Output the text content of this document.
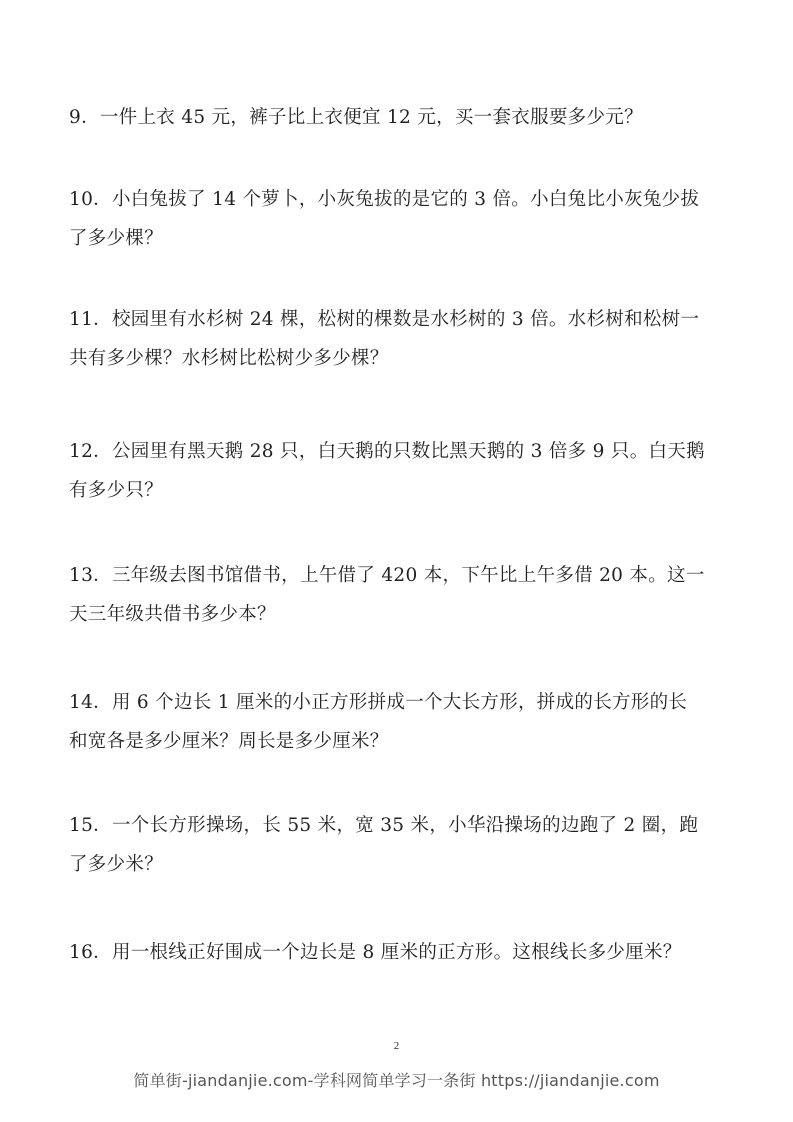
9．一件上衣 45 元，裤子比上衣便宜 12 元，买一套衣服要多少元？
10．小白兔拔了 14 个萝卜，小灰兔拔的是它的 3 倍。小白兔比小灰兔少拔
了多少棵？
11．校园里有水杉树 24 棵，松树的棵数是水杉树的 3 倍。水杉树和松树一
共有多少棵？水杉树比松树少多少棵？
12．公园里有黑天鹅 28 只，白天鹅的只数比黑天鹅的 3 倍多 9 只。白天鹅
有多少只？
13．三年级去图书馆借书，上午借了 420 本，下午比上午多借 20 本。这一
天三年级共借书多少本？
14．用 6 个边长 1 厘米的小正方形拼成一个大长方形，拼成的长方形的长
和宽各是多少厘米？周长是多少厘米？
15．一个长方形操场，长 55 米，宽 35 米，小华沿操场的边跑了 2 圈，跑
了多少米？
16．用一根线正好围成一个边长是 8 厘米的正方形。这根线长多少厘米？
2
简单街-jiandanjie.com-学科网简单学习一条街 https://jiandanjie.com
